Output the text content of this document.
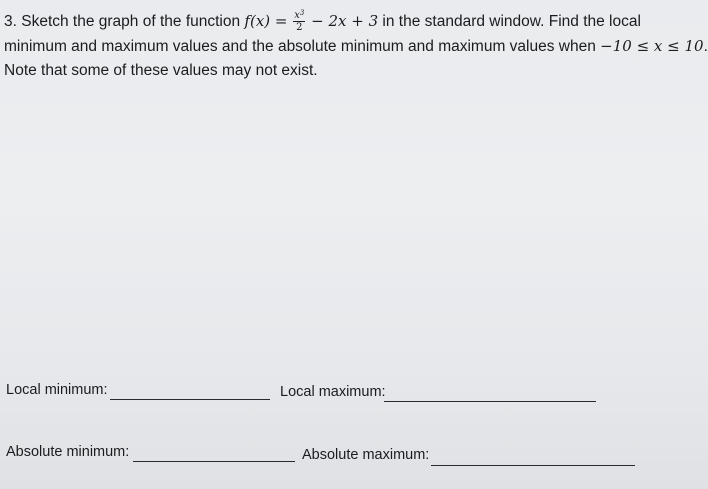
3. Sketch the graph of the function $f(x) = \frac{x^3}{2} - 2x + 3$ in the standard window. Find the local
minimum and maximum values and the absolute minimum and maximum values when −10 ≤ x ≤ 10.
Note that some of these values may not exist.
Local minimum:	Local maximum:
Absolute minimum:	Absolute maximum:
